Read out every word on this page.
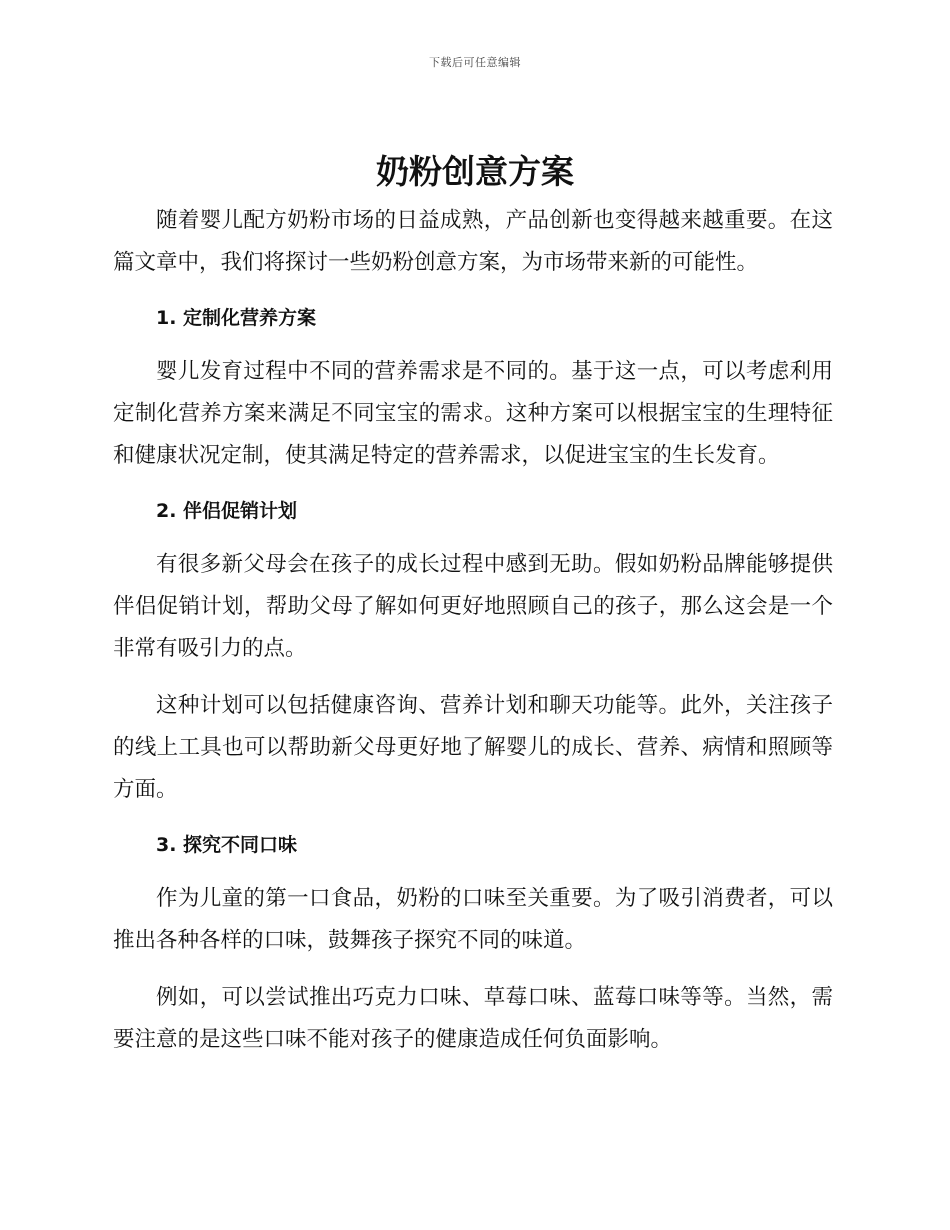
下载后可任意编辑
奶粉创意方案

随着婴儿配方奶粉市场的日益成熟，产品创新也变得越来越重要。在这篇文章中，我们将探讨一些奶粉创意方案，为市场带来新的可能性。

1. 定制化营养方案

婴儿发育过程中不同的营养需求是不同的。基于这一点，可以考虑利用定制化营养方案来满足不同宝宝的需求。这种方案可以根据宝宝的生理特征和健康状况定制，使其满足特定的营养需求，以促进宝宝的生长发育。

2. 伴侣促销计划

有很多新父母会在孩子的成长过程中感到无助。假如奶粉品牌能够提供伴侣促销计划，帮助父母了解如何更好地照顾自己的孩子，那么这会是一个非常有吸引力的点。

这种计划可以包括健康咨询、营养计划和聊天功能等。此外，关注孩子的线上工具也可以帮助新父母更好地了解婴儿的成长、营养、病情和照顾等方面。

3. 探究不同口味

作为儿童的第一口食品，奶粉的口味至关重要。为了吸引消费者，可以推出各种各样的口味，鼓舞孩子探究不同的味道。

例如，可以尝试推出巧克力口味、草莓口味、蓝莓口味等等。当然，需要注意的是这些口味不能对孩子的健康造成任何负面影响。
